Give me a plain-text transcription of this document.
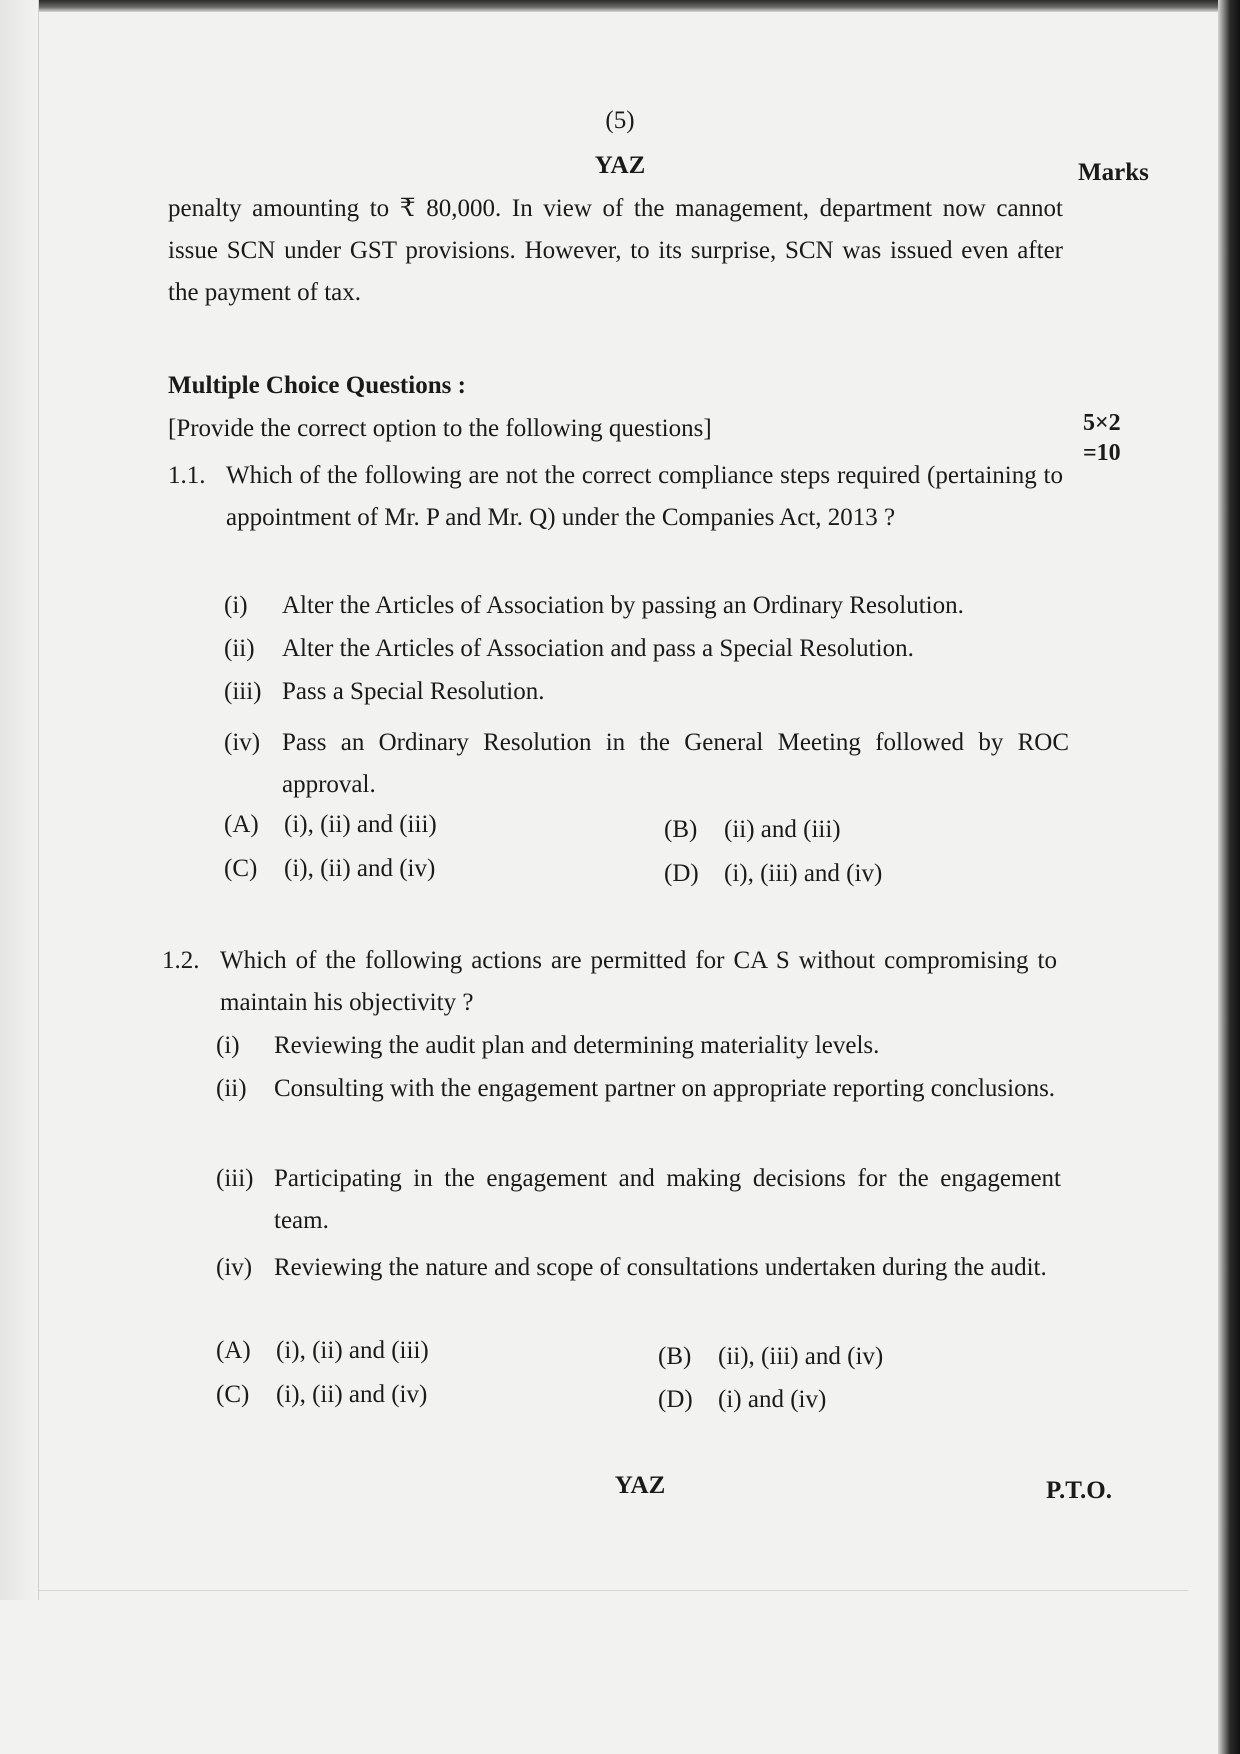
(5)
YAZ	Marks
penalty amounting to ₹ 80,000. In view of the management, department now cannot issue SCN under GST provisions. However, to its surprise, SCN was issued even after the payment of tax.
Multiple Choice Questions :
[Provide the correct option to the following questions]	5×2
=10
1.1. Which of the following are not the correct compliance steps required (pertaining to appointment of Mr. P and Mr. Q) under the Companies Act, 2013 ?
(i)	Alter the Articles of Association by passing an Ordinary Resolution.
(ii)	Alter the Articles of Association and pass a Special Resolution.
(iii) Pass a Special Resolution.
(iv) Pass an Ordinary Resolution in the General Meeting followed by ROC approval.
(A) (i), (ii) and (iii)	(B) (ii) and (iii)
(C) (i), (ii) and (iv)	(D) (i), (iii) and (iv)
1.2. Which of the following actions are permitted for CA S without compromising to maintain his objectivity ?
(i)	Reviewing the audit plan and determining materiality levels.
(ii)	Consulting with the engagement partner on appropriate reporting conclusions.
(iii) Participating in the engagement and making decisions for the engagement team.
(iv) Reviewing the nature and scope of consultations undertaken during the audit.
(A) (i), (ii) and (iii)	(B) (ii), (iii) and (iv)
(C) (i), (ii) and (iv)	(D) (i) and (iv)
YAZ	P.T.O.
